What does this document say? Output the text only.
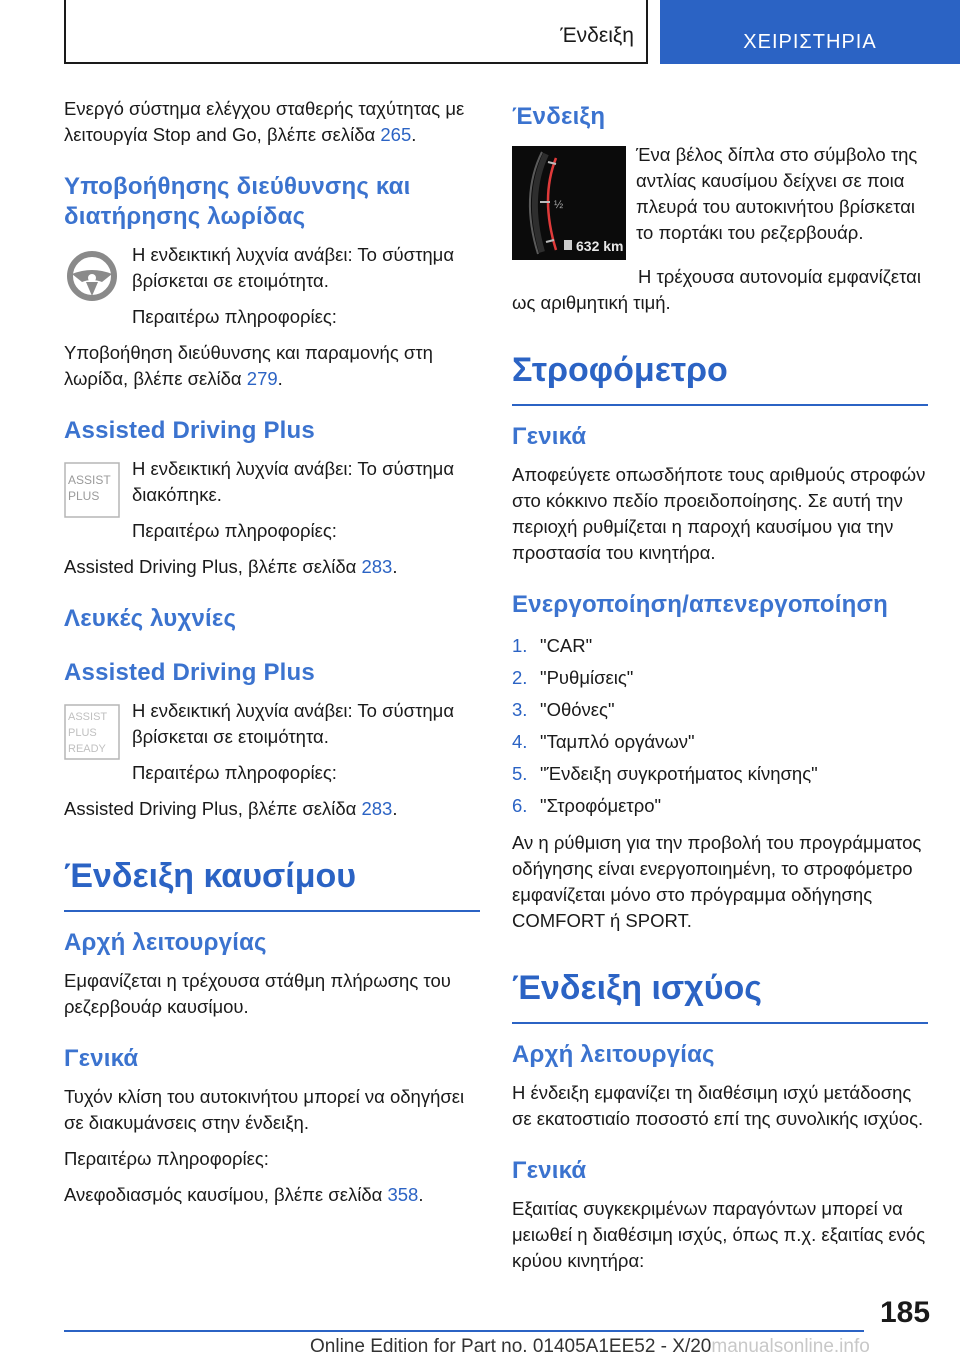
Ένδειξη	ΧΕΙΡΙΣΤΗΡΙΑ

Ενεργό σύστημα ελέγχου σταθερής ταχύτητας με λειτουργία Stop and Go, βλέπε σελίδα 265.

Υποβοήθησης διεύθυνσης και διατήρησης λωρίδας

Η ενδεικτική λυχνία ανάβει: Το σύστημα βρίσκεται σε ετοιμότητα.

Περαιτέρω πληροφορίες:

Υποβοήθηση διεύθυνσης και παραμονής στη λωρίδα, βλέπε σελίδα 279.

Assisted Driving Plus
ASSIST
PLUS

Η ενδεικτική λυχνία ανάβει: Το σύστημα διακόπηκε.

Περαιτέρω πληροφορίες:

Assisted Driving Plus, βλέπε σελίδα 283.

Λευκές λυχνίες
Assisted Driving Plus
ASSIST
PLUS
READY

Η ενδεικτική λυχνία ανάβει: Το σύστημα βρίσκεται σε ετοιμότητα.

Περαιτέρω πληροφορίες:

Assisted Driving Plus, βλέπε σελίδα 283.

Ένδειξη καυσίμου
Αρχή λειτουργίας

Εμφανίζεται η τρέχουσα στάθμη πλήρωσης του ρεζερβουάρ καυσίμου.

Γενικά

Τυχόν κλίση του αυτοκινήτου μπορεί να οδηγήσει σε διακυμάνσεις στην ένδειξη.

Περαιτέρω πληροφορίες:

Ανεφοδιασμός καυσίμου, βλέπε σελίδα 358.

Ένδειξη
½
632 km

Ένα βέλος δίπλα στο σύμβολο της αντλίας καυσίμου δείχνει σε ποια πλευρά του αυτοκινήτου βρίσκεται το πορτάκι του ρεζερβουάρ.

Η τρέχουσα αυτονομία εμφανίζεται ως αριθμητική τιμή.

Στροφόμετρο
Γενικά

Αποφεύγετε οπωσδήποτε τους αριθμούς στροφών στο κόκκινο πεδίο προειδοποίησης. Σε αυτή την περιοχή ρυθμίζεται η παροχή καυσίμου για την προστασία του κινητήρα.

Ενεργοποίηση/απενεργοποίηση
1. "CAR"
2. "Ρυθμίσεις"
3. "Οθόνες"
4. "Ταμπλό οργάνων"
5. "Ένδειξη συγκροτήματος κίνησης"
6. "Στροφόμετρο"

Αν η ρύθμιση για την προβολή του προγράμματος οδήγησης είναι ενεργοποιημένη, το στροφόμετρο εμφανίζεται μόνο στο πρόγραμμα οδήγησης COMFORT ή SPORT.

Ένδειξη ισχύος
Αρχή λειτουργίας

Η ένδειξη εμφανίζει τη διαθέσιμη ισχύ μετάδοσης σε εκατοστιαίο ποσοστό επί της συνολικής ισχύος.

Γενικά

Εξαιτίας συγκεκριμένων παραγόντων μπορεί να μειωθεί η διαθέσιμη ισχύς, όπως π.χ. εξαιτίας ενός κρύου κινητήρα:

185
Online Edition for Part no. 01405A1EE52 - X/20manualsonline.info
